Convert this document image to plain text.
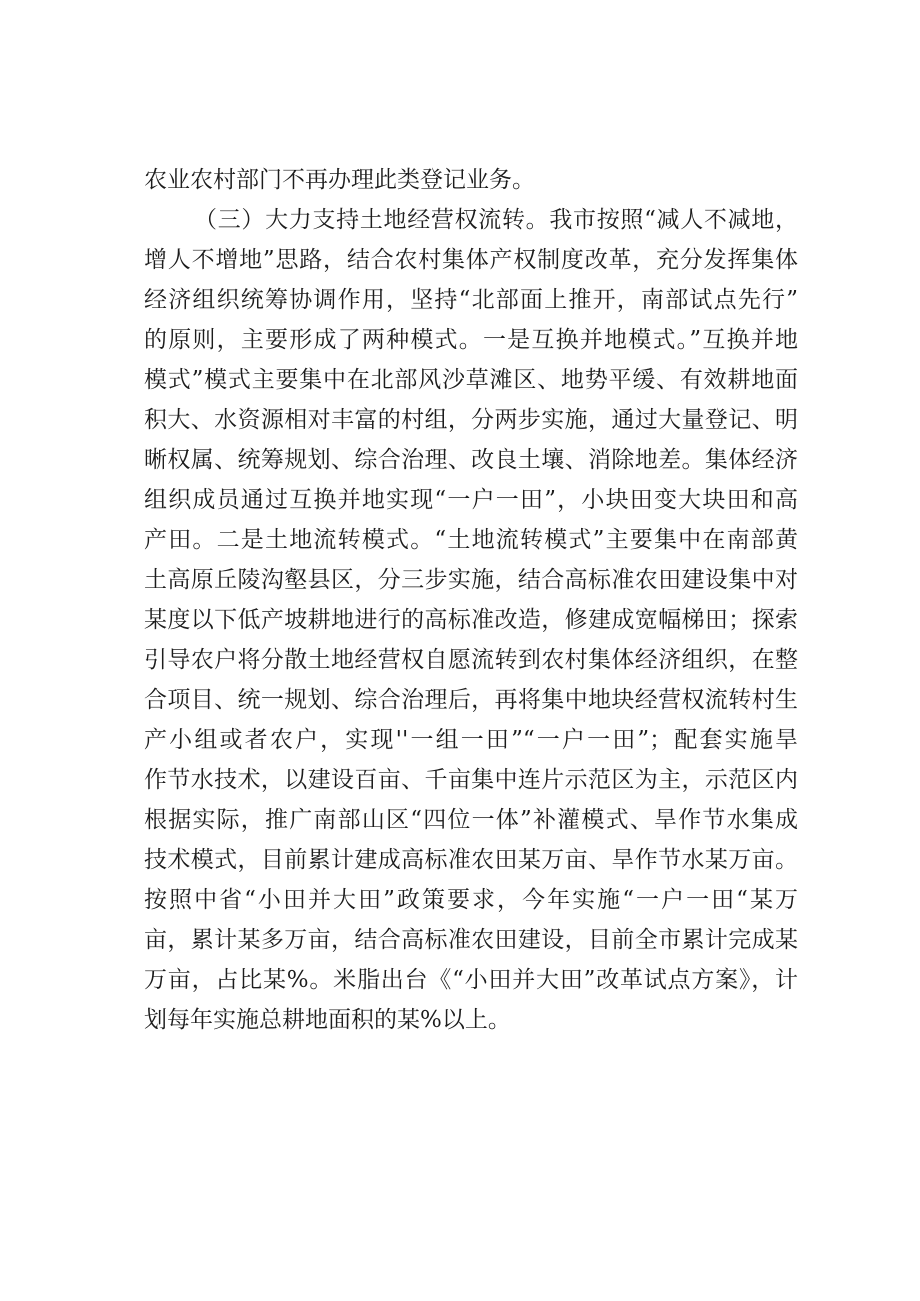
农业农村部门不再办理此类登记业务。
（三）大力支持土地经营权流转。我市按照“减人不减地，
增人不增地”思路，结合农村集体产权制度改革，充分发挥集体
经济组织统筹协调作用，坚持“北部面上推开，南部试点先行”
的原则，主要形成了两种模式。一是互换并地模式。”互换并地
模式”模式主要集中在北部风沙草滩区、地势平缓、有效耕地面
积大、水资源相对丰富的村组，分两步实施，通过大量登记、明
晰权属、统筹规划、综合治理、改良土壤、消除地差。集体经济
组织成员通过互换并地实现“一户一田”，小块田变大块田和高
产田。二是土地流转模式。“土地流转模式”主要集中在南部黄
土高原丘陵沟壑县区，分三步实施，结合高标准农田建设集中对
某度以下低产坡耕地进行的高标准改造，修建成宽幅梯田；探索
引导农户将分散土地经营权自愿流转到农村集体经济组织，在整
合项目、统一规划、综合治理后，再将集中地块经营权流转村生
产小组或者农户，实现''一组一田”“一户一田”；配套实施旱
作节水技术，以建设百亩、千亩集中连片示范区为主，示范区内
根据实际，推广南部山区“四位一体”补灌模式、旱作节水集成
技术模式，目前累计建成高标准农田某万亩、旱作节水某万亩。
按照中省“小田并大田”政策要求，今年实施“一户一田“某万
亩，累计某多万亩，结合高标准农田建设，目前全市累计完成某
万亩，占比某%。米脂出台《“小田并大田”改革试点方案》，计
划每年实施总耕地面积的某%以上。
